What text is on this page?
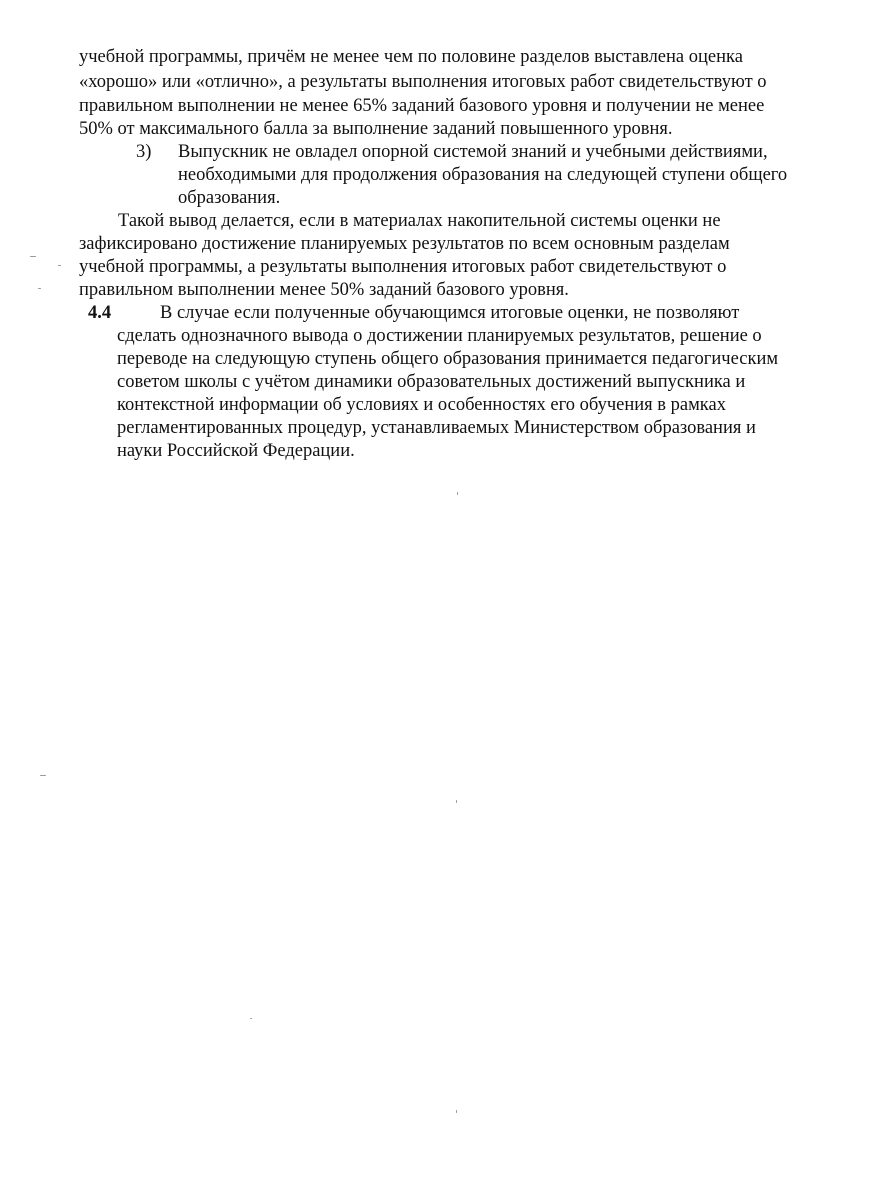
учебной программы, причём не менее чем по половине разделов выставлена оценка
«хорошо» или «отлично», а результаты выполнения итоговых работ свидетельствуют о
правильном выполнении не менее 65% заданий базового уровня и получении не менее
50% от максимального балла за выполнение заданий повышенного уровня.
3) Выпускник не овладел опорной системой знаний и учебными действиями,
необходимыми для продолжения образования на следующей ступени общего
образования.
Такой вывод делается, если в материалах накопительной системы оценки не
зафиксировано достижение планируемых результатов по всем основным разделам
учебной программы, а результаты выполнения итоговых работ свидетельствуют о
правильном выполнении менее 50% заданий базового уровня.
4.4	В случае если полученные обучающимся итоговые оценки, не позволяют
сделать однозначного вывода о достижении планируемых результатов, решение о
переводе на следующую ступень общего образования принимается педагогическим
советом школы с учётом динамики образовательных достижений выпускника и
контекстной информации об условиях и особенностях его обучения в рамках
регламентированных процедур, устанавливаемых Министерством образования и
науки Российской Федерации.
